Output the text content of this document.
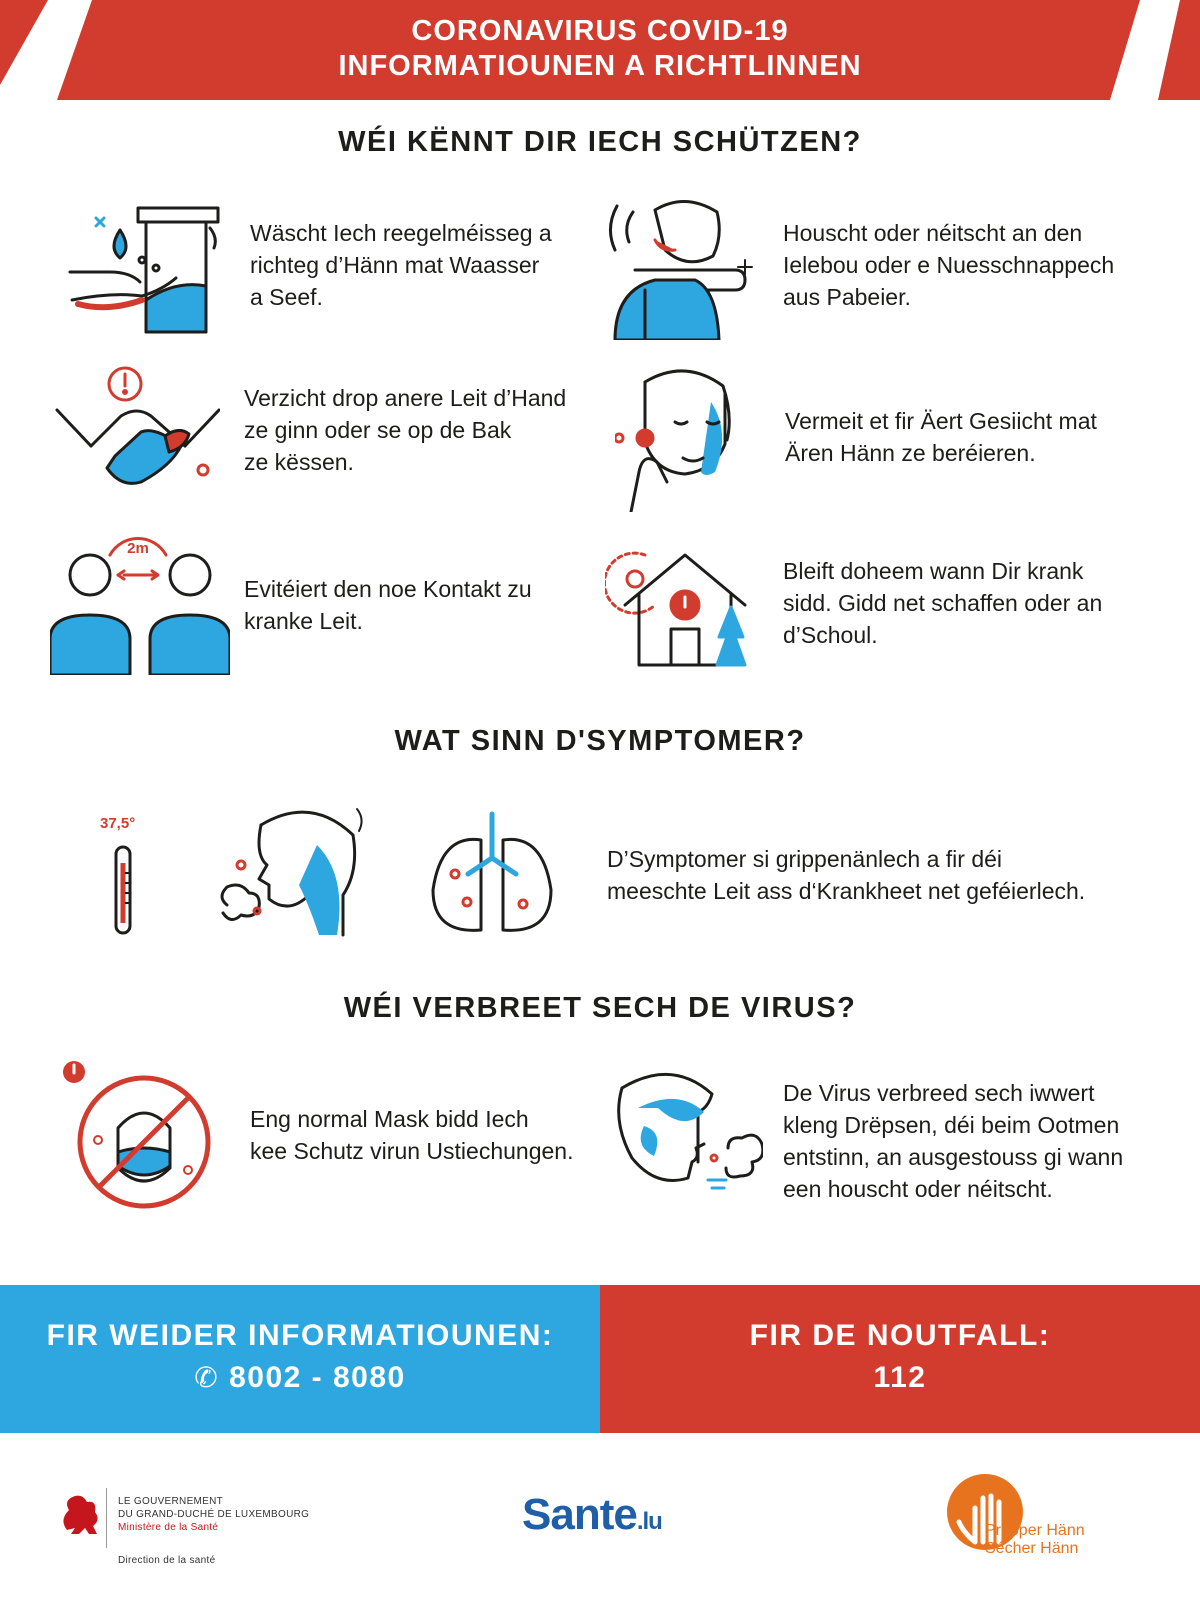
CORONAVIRUS COVID-19
INFORMATIOUNEN A RICHTLINNEN
WÉI KËNNT DIR IECH SCHÜTZEN?
Wäscht Iech reegelméisseg a
richteg d’Hänn mat Waasser
a Seef.
Houscht oder néitscht an den
Ielebou oder e Nuesschnappech
aus Pabeier.
Verzicht drop anere Leit d’Hand
ze ginn oder se op de Bak
ze këssen.
Vermeit et fir Äert Gesiicht mat
Ären Hänn ze beréieren.
2m
Evitéiert den noe Kontakt zu
kranke Leit.
Bleift doheem wann Dir krank
sidd. Gidd net schaffen oder an
d’Schoul.
WAT SINN D'SYMPTOMER?
37,5°
D’Symptomer si grippenänlech a fir déi
meeschte Leit ass d‘Krankheet net geféierlech.
WÉI VERBREET SECH DE VIRUS?
Eng normal Mask bidd Iech
kee Schutz virun Ustiechungen.
De Virus verbreed sech iwwert
kleng Drëpsen, déi beim Ootmen
entstinn, an ausgestouss gi wann
een houscht oder néitscht.
FIR WEIDER INFORMATIOUNEN:
✆ 8002 - 8080
FIR DE NOUTFALL:
112
LE GOUVERNEMENT
DU GRAND-DUCHÉ DE LUXEMBOURG
Ministère de la Santé
Direction de la santé
Sante.lu	Propper Hänn
Sécher Hänn
